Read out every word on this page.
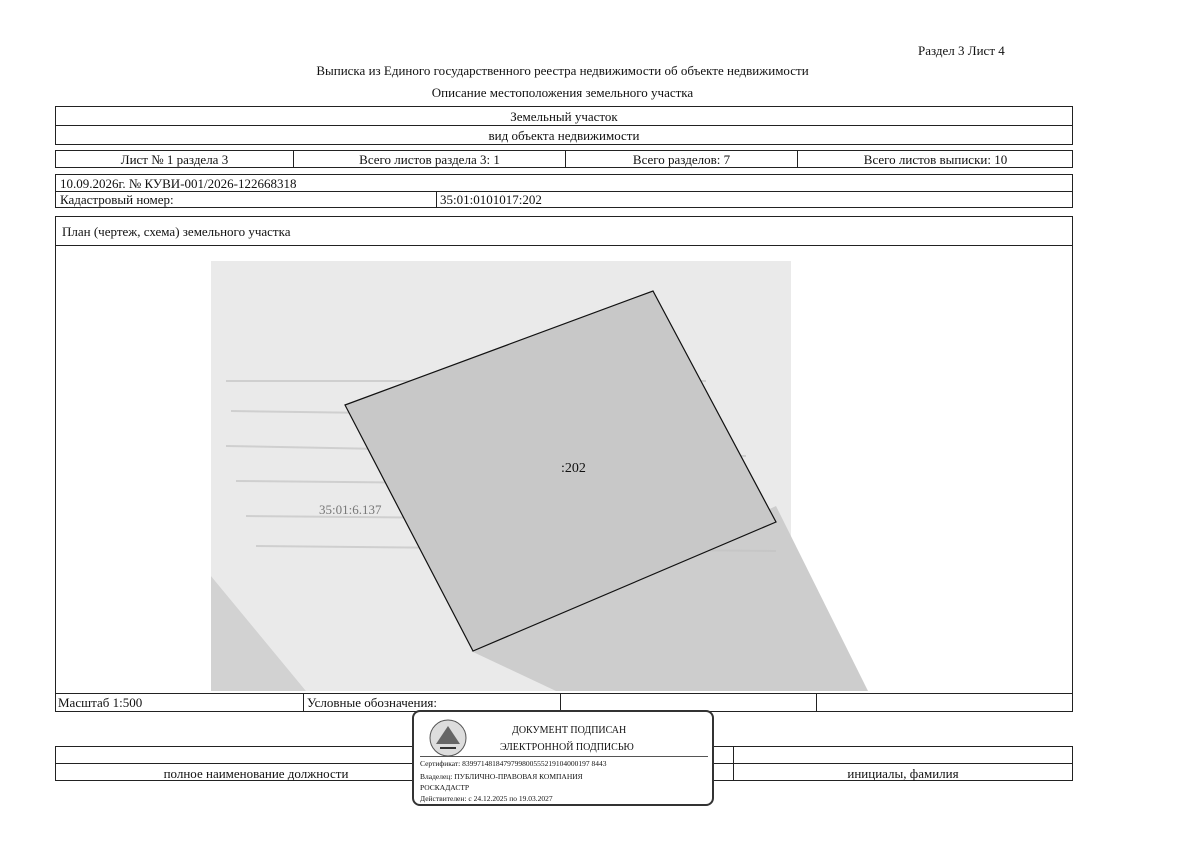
Раздел 3 Лист 4
Выписка из Единого государственного реестра недвижимости об объекте недвижимости
Описание местоположения земельного участка
Земельный участок
вид объекта недвижимости
Лист № 1 раздела 3	Всего листов раздела 3: 1	Всего разделов: 7	Всего листов выписки: 10
10.09.2026г. № КУВИ-001/2026-122668318
Кадастровый номер:	35:01:0101017:202
План (чертеж, схема) земельного участка
:202
35:01:6.137
Масштаб 1:500	Условные обозначения:
полное наименование должности	инициалы, фамилия
ДОКУМЕНТ ПОДПИСАН
ЭЛЕКТРОННОЙ ПОДПИСЬЮ
Сертификат: 8399714818479799800555219104000197 8443
Владелец: ПУБЛИЧНО-ПРАВОВАЯ КОМПАНИЯ
РОСКАДАСТР
Действителен: с 24.12.2025 по 19.03.2027
